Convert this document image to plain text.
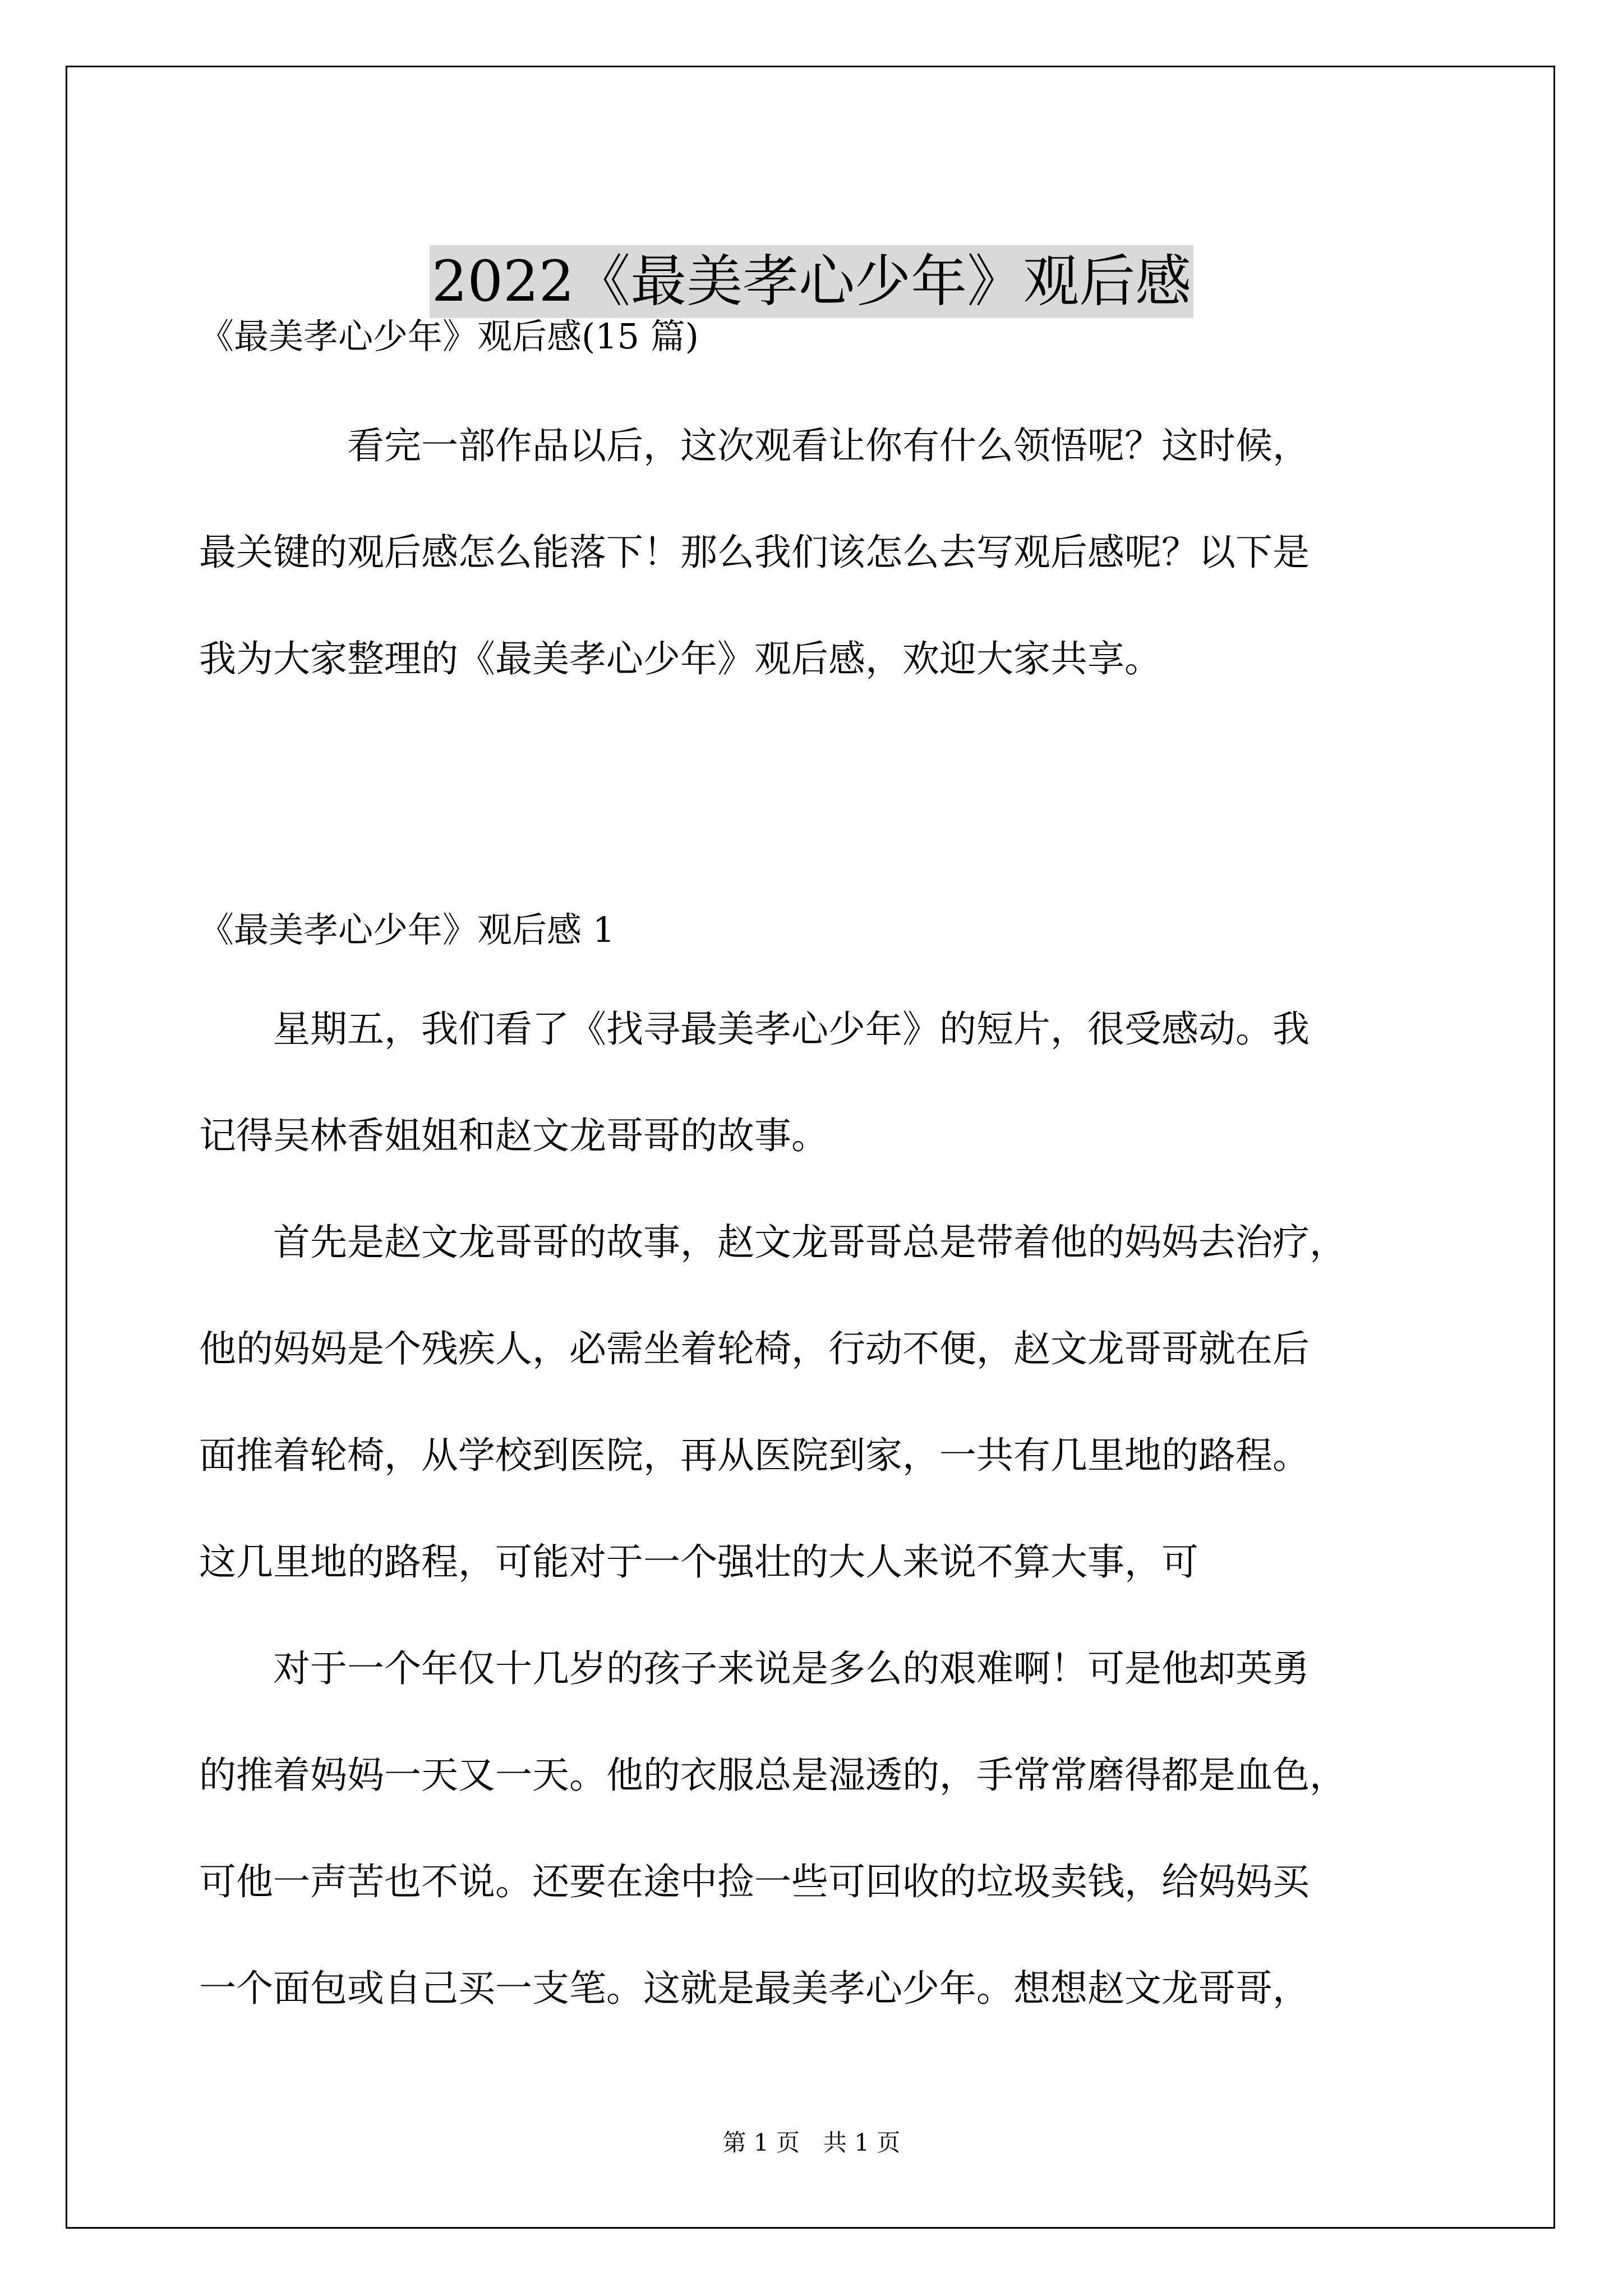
2022《最美孝心少年》观后感

《最美孝心少年》观后感(15 篇)

　　　　看完一部作品以后，这次观看让你有什么领悟呢？这时候，
最关键的观后感怎么能落下！那么我们该怎么去写观后感呢？以下是
我为大家整理的《最美孝心少年》观后感，欢迎大家共享。

《最美孝心少年》观后感 1

　　星期五，我们看了《找寻最美孝心少年》的短片，很受感动。我
记得吴林香姐姐和赵文龙哥哥的故事。

　　首先是赵文龙哥哥的故事，赵文龙哥哥总是带着他的妈妈去治疗，
他的妈妈是个残疾人，必需坐着轮椅，行动不便，赵文龙哥哥就在后
面推着轮椅，从学校到医院，再从医院到家，一共有几里地的路程。
这几里地的路程，可能对于一个强壮的大人来说不算大事，可

　　对于一个年仅十几岁的孩子来说是多么的艰难啊！可是他却英勇
的推着妈妈一天又一天。他的衣服总是湿透的，手常常磨得都是血色，
可他一声苦也不说。还要在途中捡一些可回收的垃圾卖钱，给妈妈买
一个面包或自己买一支笔。这就是最美孝心少年。想想赵文龙哥哥，

第 1 页　共 1 页
